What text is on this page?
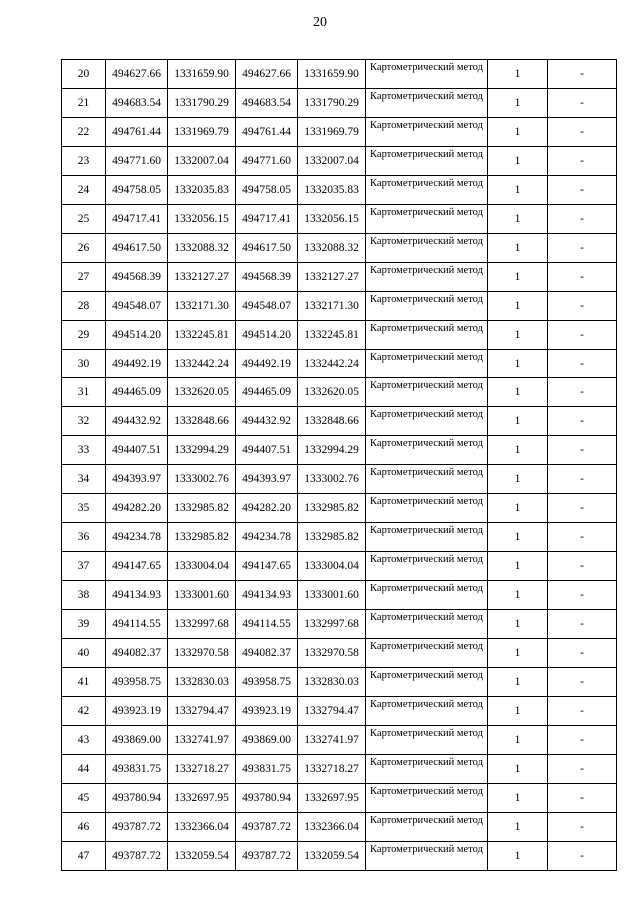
20
20	494627.66	1331659.90	494627.66	1331659.90	Картометрический метод	1	-
21	494683.54	1331790.29	494683.54	1331790.29	Картометрический метод	1	-
22	494761.44	1331969.79	494761.44	1331969.79	Картометрический метод	1	-
23	494771.60	1332007.04	494771.60	1332007.04	Картометрический метод	1	-
24	494758.05	1332035.83	494758.05	1332035.83	Картометрический метод	1	-
25	494717.41	1332056.15	494717.41	1332056.15	Картометрический метод	1	-
26	494617.50	1332088.32	494617.50	1332088.32	Картометрический метод	1	-
27	494568.39	1332127.27	494568.39	1332127.27	Картометрический метод	1	-
28	494548.07	1332171.30	494548.07	1332171.30	Картометрический метод	1	-
29	494514.20	1332245.81	494514.20	1332245.81	Картометрический метод	1	-
30	494492.19	1332442.24	494492.19	1332442.24	Картометрический метод	1	-
31	494465.09	1332620.05	494465.09	1332620.05	Картометрический метод	1	-
32	494432.92	1332848.66	494432.92	1332848.66	Картометрический метод	1	-
33	494407.51	1332994.29	494407.51	1332994.29	Картометрический метод	1	-
34	494393.97	1333002.76	494393.97	1333002.76	Картометрический метод	1	-
35	494282.20	1332985.82	494282.20	1332985.82	Картометрический метод	1	-
36	494234.78	1332985.82	494234.78	1332985.82	Картометрический метод	1	-
37	494147.65	1333004.04	494147.65	1333004.04	Картометрический метод	1	-
38	494134.93	1333001.60	494134.93	1333001.60	Картометрический метод	1	-
39	494114.55	1332997.68	494114.55	1332997.68	Картометрический метод	1	-
40	494082.37	1332970.58	494082.37	1332970.58	Картометрический метод	1	-
41	493958.75	1332830.03	493958.75	1332830.03	Картометрический метод	1	-
42	493923.19	1332794.47	493923.19	1332794.47	Картометрический метод	1	-
43	493869.00	1332741.97	493869.00	1332741.97	Картометрический метод	1	-
44	493831.75	1332718.27	493831.75	1332718.27	Картометрический метод	1	-
45	493780.94	1332697.95	493780.94	1332697.95	Картометрический метод	1	-
46	493787.72	1332366.04	493787.72	1332366.04	Картометрический метод	1	-
47	493787.72	1332059.54	493787.72	1332059.54	Картометрический метод	1	-
